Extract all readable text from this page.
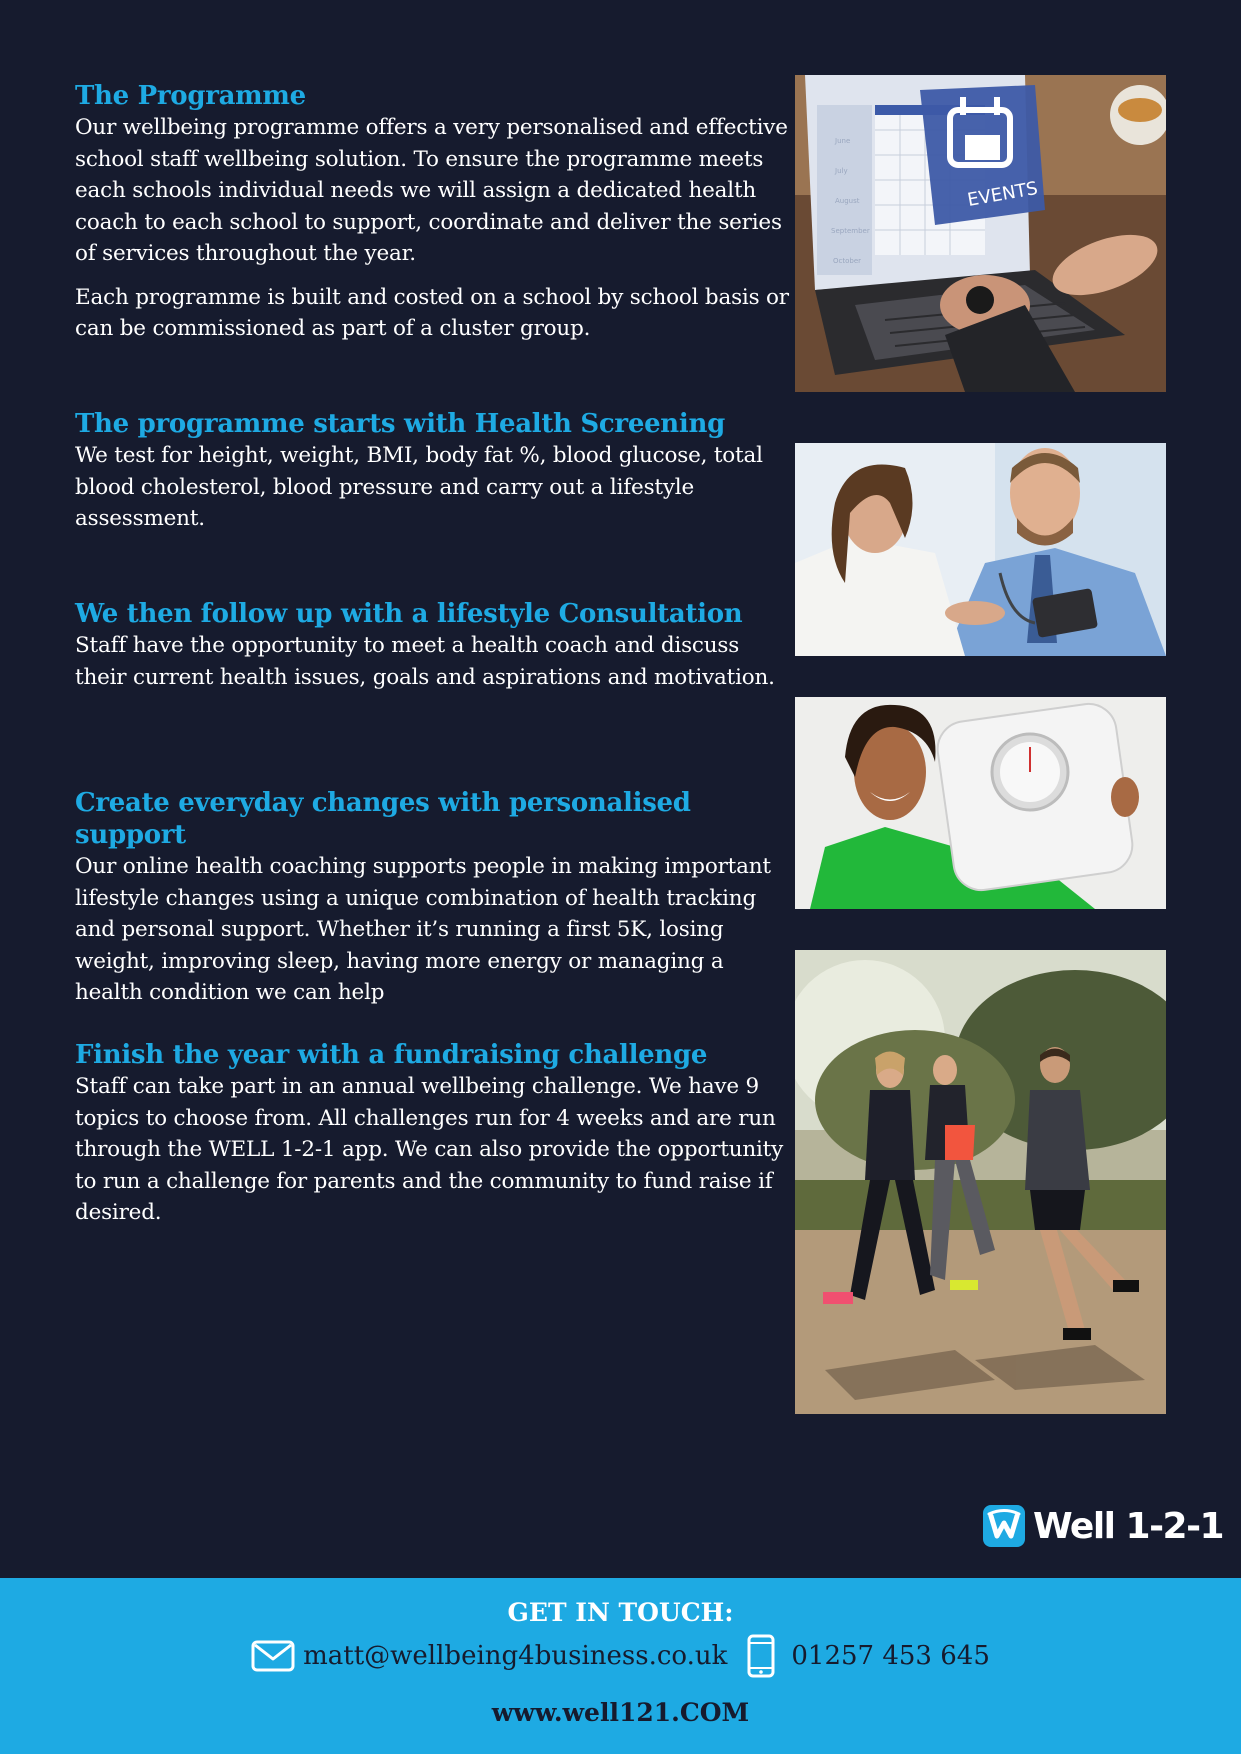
The Programme

Our wellbeing programme offers a very personalised and effective school staff wellbeing solution. To ensure the programme meets each schools individual needs we will assign a dedicated health coach to each school to support, coordinate and deliver the series of services throughout the year.

Each programme is built and costed on a school by school basis or can be commissioned as part of a cluster group.

The programme starts with Health Screening

We test for height, weight, BMI, body fat %, blood glucose, total blood cholesterol, blood pressure and carry out a lifestyle assessment.

We then follow up with a lifestyle Consultation

Staff have the opportunity to meet a health coach and discuss their current health issues, goals and aspirations and motivation.

Create everyday changes with personalised support

Our online health coaching supports people in making important lifestyle changes using a unique combination of health tracking and personal support. Whether it’s running a first 5K, losing weight, improving sleep, having more energy or managing a health condition we can help

Finish the year with a fundraising challenge

Staff can take part in an annual wellbeing challenge. We have 9 topics to choose from. All challenges run for 4 weeks and are run through the WELL 1-2-1 app. We can also provide the opportunity to run a challenge for parents and the community to fund raise if desired.

June
July
August
September
October
EVENTS
Well 1-2-1
GET IN TOUCH:
matt@wellbeing4business.co.uk 01257 453 645
www.well121.COM
